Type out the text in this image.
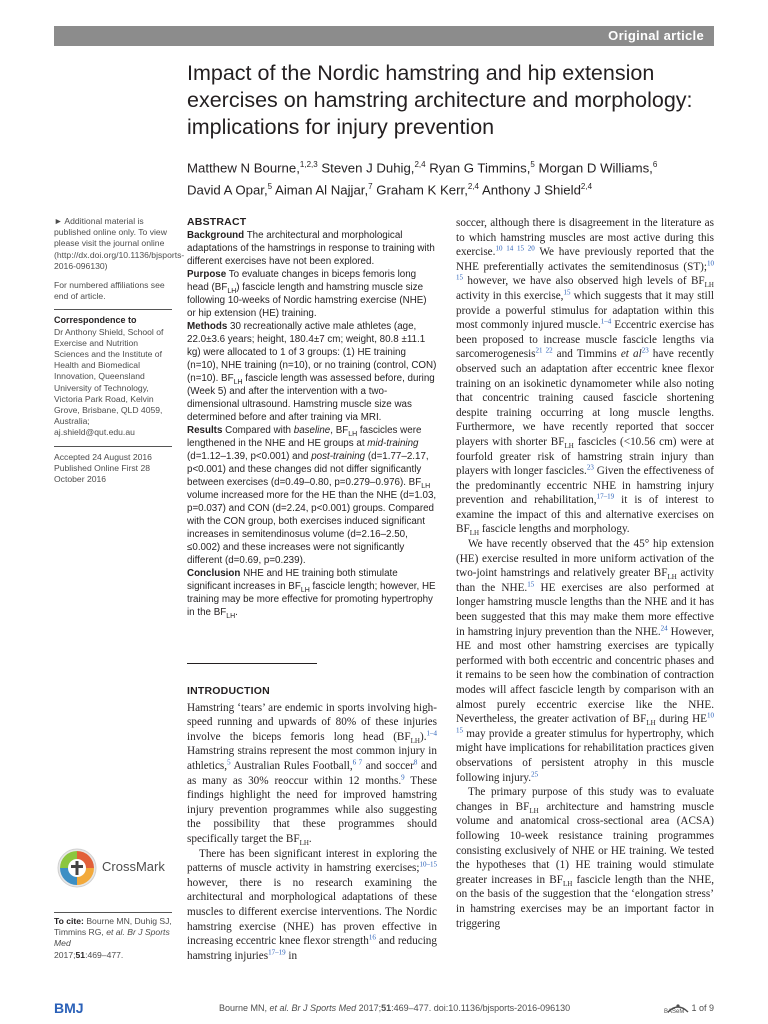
Original article
Impact of the Nordic hamstring and hip extension exercises on hamstring architecture and morphology: implications for injury prevention
Matthew N Bourne,$^{1,2,3}$ Steven J Duhig,$^{2,4}$ Ryan G Timmins,$^5$ Morgan D Williams,$^6$
David A Opar,$^5$ Aiman Al Najjar,$^7$ Graham K Kerr,$^{2,4}$ Anthony J Shield$^{2,4}$

► Additional material is published online only. To view please visit the journal online (http://dx.doi.org/10.1136/bjsports-2016-096130)

For numbered affiliations see end of article.

Correspondence to

Dr Anthony Shield, School of Exercise and Nutrition Sciences and the Institute of Health and Biomedical Innovation, Queensland University of Technology, Victoria Park Road, Kelvin Grove, Brisbane, QLD 4059, Australia; aj.shield@qut.edu.au

Accepted 24 August 2016

Published Online First 28 October 2016

CrossMark
To cite: Bourne MN, Duhig SJ, Timmins RG, et al. Br J Sports Med
2017;51:469–477.

ABSTRACT

Background The architectural and morphological adaptations of the hamstrings in response to training with different exercises have not been explored.

Purpose To evaluate changes in biceps femoris long head $(BF_{LH})$ fascicle length and hamstring muscle size following 10-weeks of Nordic hamstring exercise (NHE) or hip extension (HE) training.

Methods 30 recreationally active male athletes (age, 22.0±3.6 years; height, 180.4±7 cm; weight, 80.8 ±11.1 kg) were allocated to 1 of 3 groups: (1) HE training (n=10), NHE training (n=10), or no training (control, CON) (n=10). $BF_{LH}$ fascicle length was assessed before, during (Week 5) and after the intervention with a two-dimensional ultrasound. Hamstring muscle size was determined before and after training via MRI.

Results Compared with baseline, $BF_{LH}$ fascicles were lengthened in the NHE and HE groups at mid-training (d=1.12–1.39, p<0.001) and post-training (d=1.77–2.17, p<0.001) and these changes did not differ significantly between exercises (d=0.49–0.80, p=0.279–0.976). $BF_{LH}$ volume increased more for the HE than the NHE (d=1.03, p=0.037) and CON (d=2.24, p<0.001) groups. Compared with the CON group, both exercises induced significant increases in semitendinosus volume (d=2.16–2.50, ≤0.002) and these increases were not significantly different (d=0.69, p=0.239).

Conclusion NHE and HE training both stimulate significant increases in $BF_{LH}$ fascicle length; however, HE training may be more effective for promoting hypertrophy in the $BF_{LH}$.

INTRODUCTION

Hamstring ‘tears’ are endemic in sports involving high-speed running and upwards of 80% of these injuries involve the biceps femoris long head $(BF_{LH}).^{1-4}$ Hamstring strains represent the most common injury in athletics,$^5$ Australian Rules Football,$^{6 7}$ and soccer$^8$ and as many as 30% reoccur within 12 months.$^9$ These findings highlight the need for improved hamstring injury prevention programmes while also suggesting the possibility that these programmes should specifically target the $BF_{LH}$.

There has been significant interest in exploring the patterns of muscle activity in hamstring exercises;$^{10-15}$ however, there is no research examining the architectural and morphological adaptations of these muscles to different exercise interventions. The Nordic hamstring exercise (NHE) has proven effective in increasing eccentric knee flexor strength$^{16}$ and reducing hamstring injuries$^{17-19}$ in

soccer, although there is disagreement in the literature as to which hamstring muscles are most active during this exercise.$^{10 14 15 20}$ We have previously reported that the NHE preferentially activates the semitendinosus (ST);$^{10 15}$ however, we have also observed high levels of $BF_{LH}$ activity in this exercise,$^{15}$ which suggests that it may still provide a powerful stimulus for adaptation within this most commonly injured muscle.$^{1-4}$ Eccentric exercise has been proposed to increase muscle fascicle lengths via sarcomerogenesis$^{21 22}$ and Timmins et al$^{23}$ have recently observed such an adaptation after eccentric knee flexor training on an isokinetic dynamometer while also noting that concentric training caused fascicle shortening despite training occurring at long muscle lengths. Furthermore, we have recently reported that soccer players with shorter $BF_{LH}$ fascicles (<10.56 cm) were at fourfold greater risk of hamstring strain injury than players with longer fascicles.$^{23}$ Given the effectiveness of the predominantly eccentric NHE in hamstring injury prevention and rehabilitation,$^{17-19}$ it is of interest to examine the impact of this and alternative exercises on $BF_{LH}$ fascicle lengths and morphology.

We have recently observed that the 45° hip extension (HE) exercise resulted in more uniform activation of the two-joint hamstrings and relatively greater $BF_{LH}$ activity than the NHE.$^{15}$ HE exercises are also performed at longer hamstring muscle lengths than the NHE and it has been suggested that this may make them more effective in hamstring injury prevention than the NHE.$^{24}$ However, HE and most other hamstring exercises are typically performed with both eccentric and concentric phases and it remains to be seen how the combination of contraction modes will affect fascicle length by comparison with an almost purely eccentric exercise like the NHE. Nevertheless, the greater activation of $BF_{LH}$ during HE$^{10 15}$ may provide a greater stimulus for hypertrophy, which might have implications for rehabilitation practices given observations of persistent atrophy in this muscle following injury.$^{25}$

The primary purpose of this study was to evaluate changes in $BF_{LH}$ architecture and hamstring muscle volume and anatomical cross-sectional area (ACSA) following 10-week resistance training programmes consisting exclusively of NHE or HE training. We tested the hypotheses that (1) HE training would stimulate greater increases in $BF_{LH}$ fascicle length than the NHE, on the basis of the suggestion that the ‘elongation stress’ in hamstring exercises may be an important factor in triggering

BMJ	Bourne MN, et al. Br J Sports Med 2017;51:469–477. doi:10.1136/bjsports-2016-096130	BASeM 1 of 9
